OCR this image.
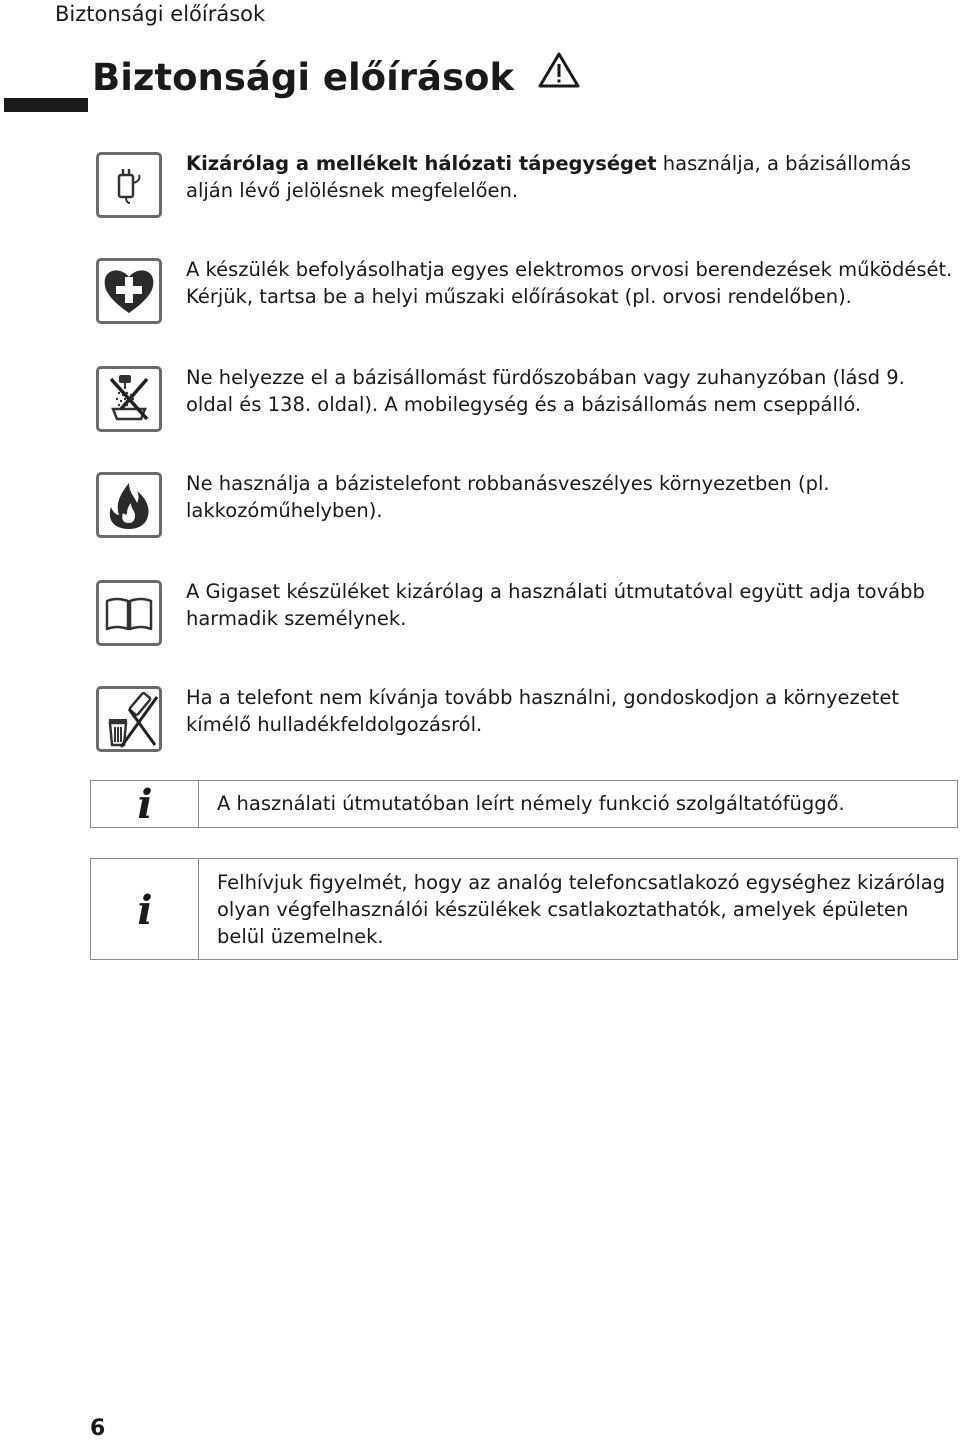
Biztonsági előírások
Biztonsági előírások
Kizárólag a mellékelt hálózati tápegységet használja, a bázisállomás alján lévő jelölésnek megfelelően.
A készülék befolyásolhatja egyes elektromos orvosi berendezések működését. Kérjük, tartsa be a helyi műszaki előírásokat (pl. orvosi rendelőben).
Ne helyezze el a bázisállomást fürdőszobában vagy zuhanyzóban (lásd 9. oldal és 138. oldal). A mobilegység és a bázisállomás nem cseppálló.
Ne használja a bázistelefont robbanásveszélyes környezetben (pl. lakkozóműhelyben).
A Gigaset készüléket kizárólag a használati útmutatóval együtt adja tovább harmadik személynek.
Ha a telefont nem kívánja tovább használni, gondoskodjon a környezetet kímélő hulladékfeldolgozásról.
i	A használati útmutatóban leírt némely funkció szolgáltatófüggő.
i
Felhívjuk figyelmét, hogy az analóg telefoncsatlakozó egységhez kizárólag olyan végfelhasználói készülékek csatlakoztathatók, amelyek épületen belül üzemelnek.
6
